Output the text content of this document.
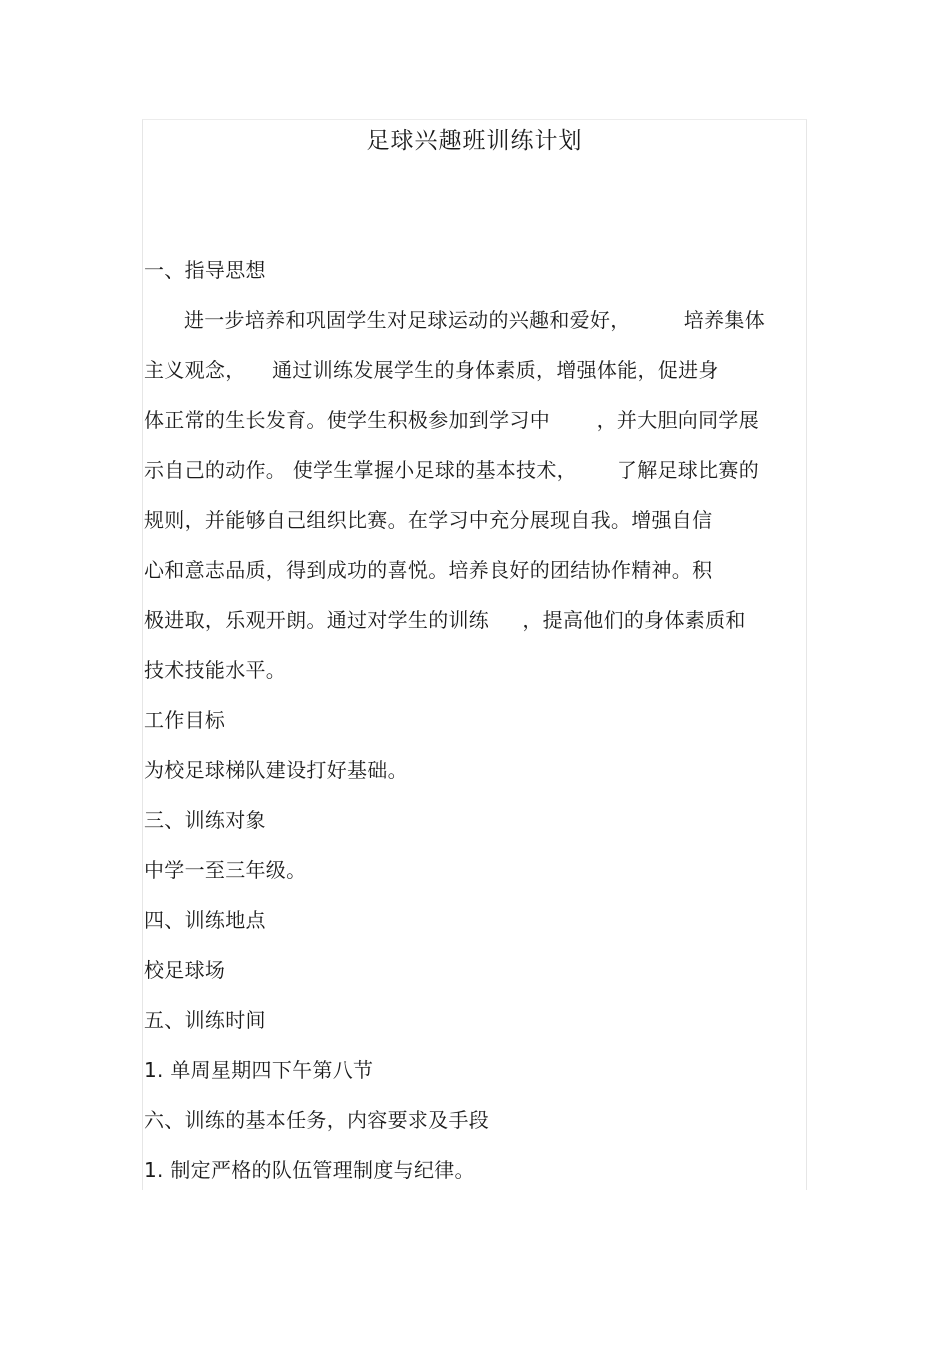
足球兴趣班训练计划
一、指导思想
进一步培养和巩固学生对足球运动的兴趣和爱好，        培养集体
主义观念，    通过训练发展学生的身体素质，增强体能，促进身
体正常的生长发育。使学生积极参加到学习中       ，并大胆向同学展
示自己的动作。 使学生掌握小足球的基本技术，      了解足球比赛的
规则，并能够自己组织比赛。在学习中充分展现自我。增强自信
心和意志品质，得到成功的喜悦。培养良好的团结协作精神。积
极进取，乐观开朗。通过对学生的训练     ，提高他们的身体素质和
技术技能水平。
工作目标
为校足球梯队建设打好基础。
三、训练对象
中学一至三年级。
四、训练地点
校足球场
五、训练时间
1. 单周星期四下午第八节
六、训练的基本任务，内容要求及手段
1. 制定严格的队伍管理制度与纪律。
